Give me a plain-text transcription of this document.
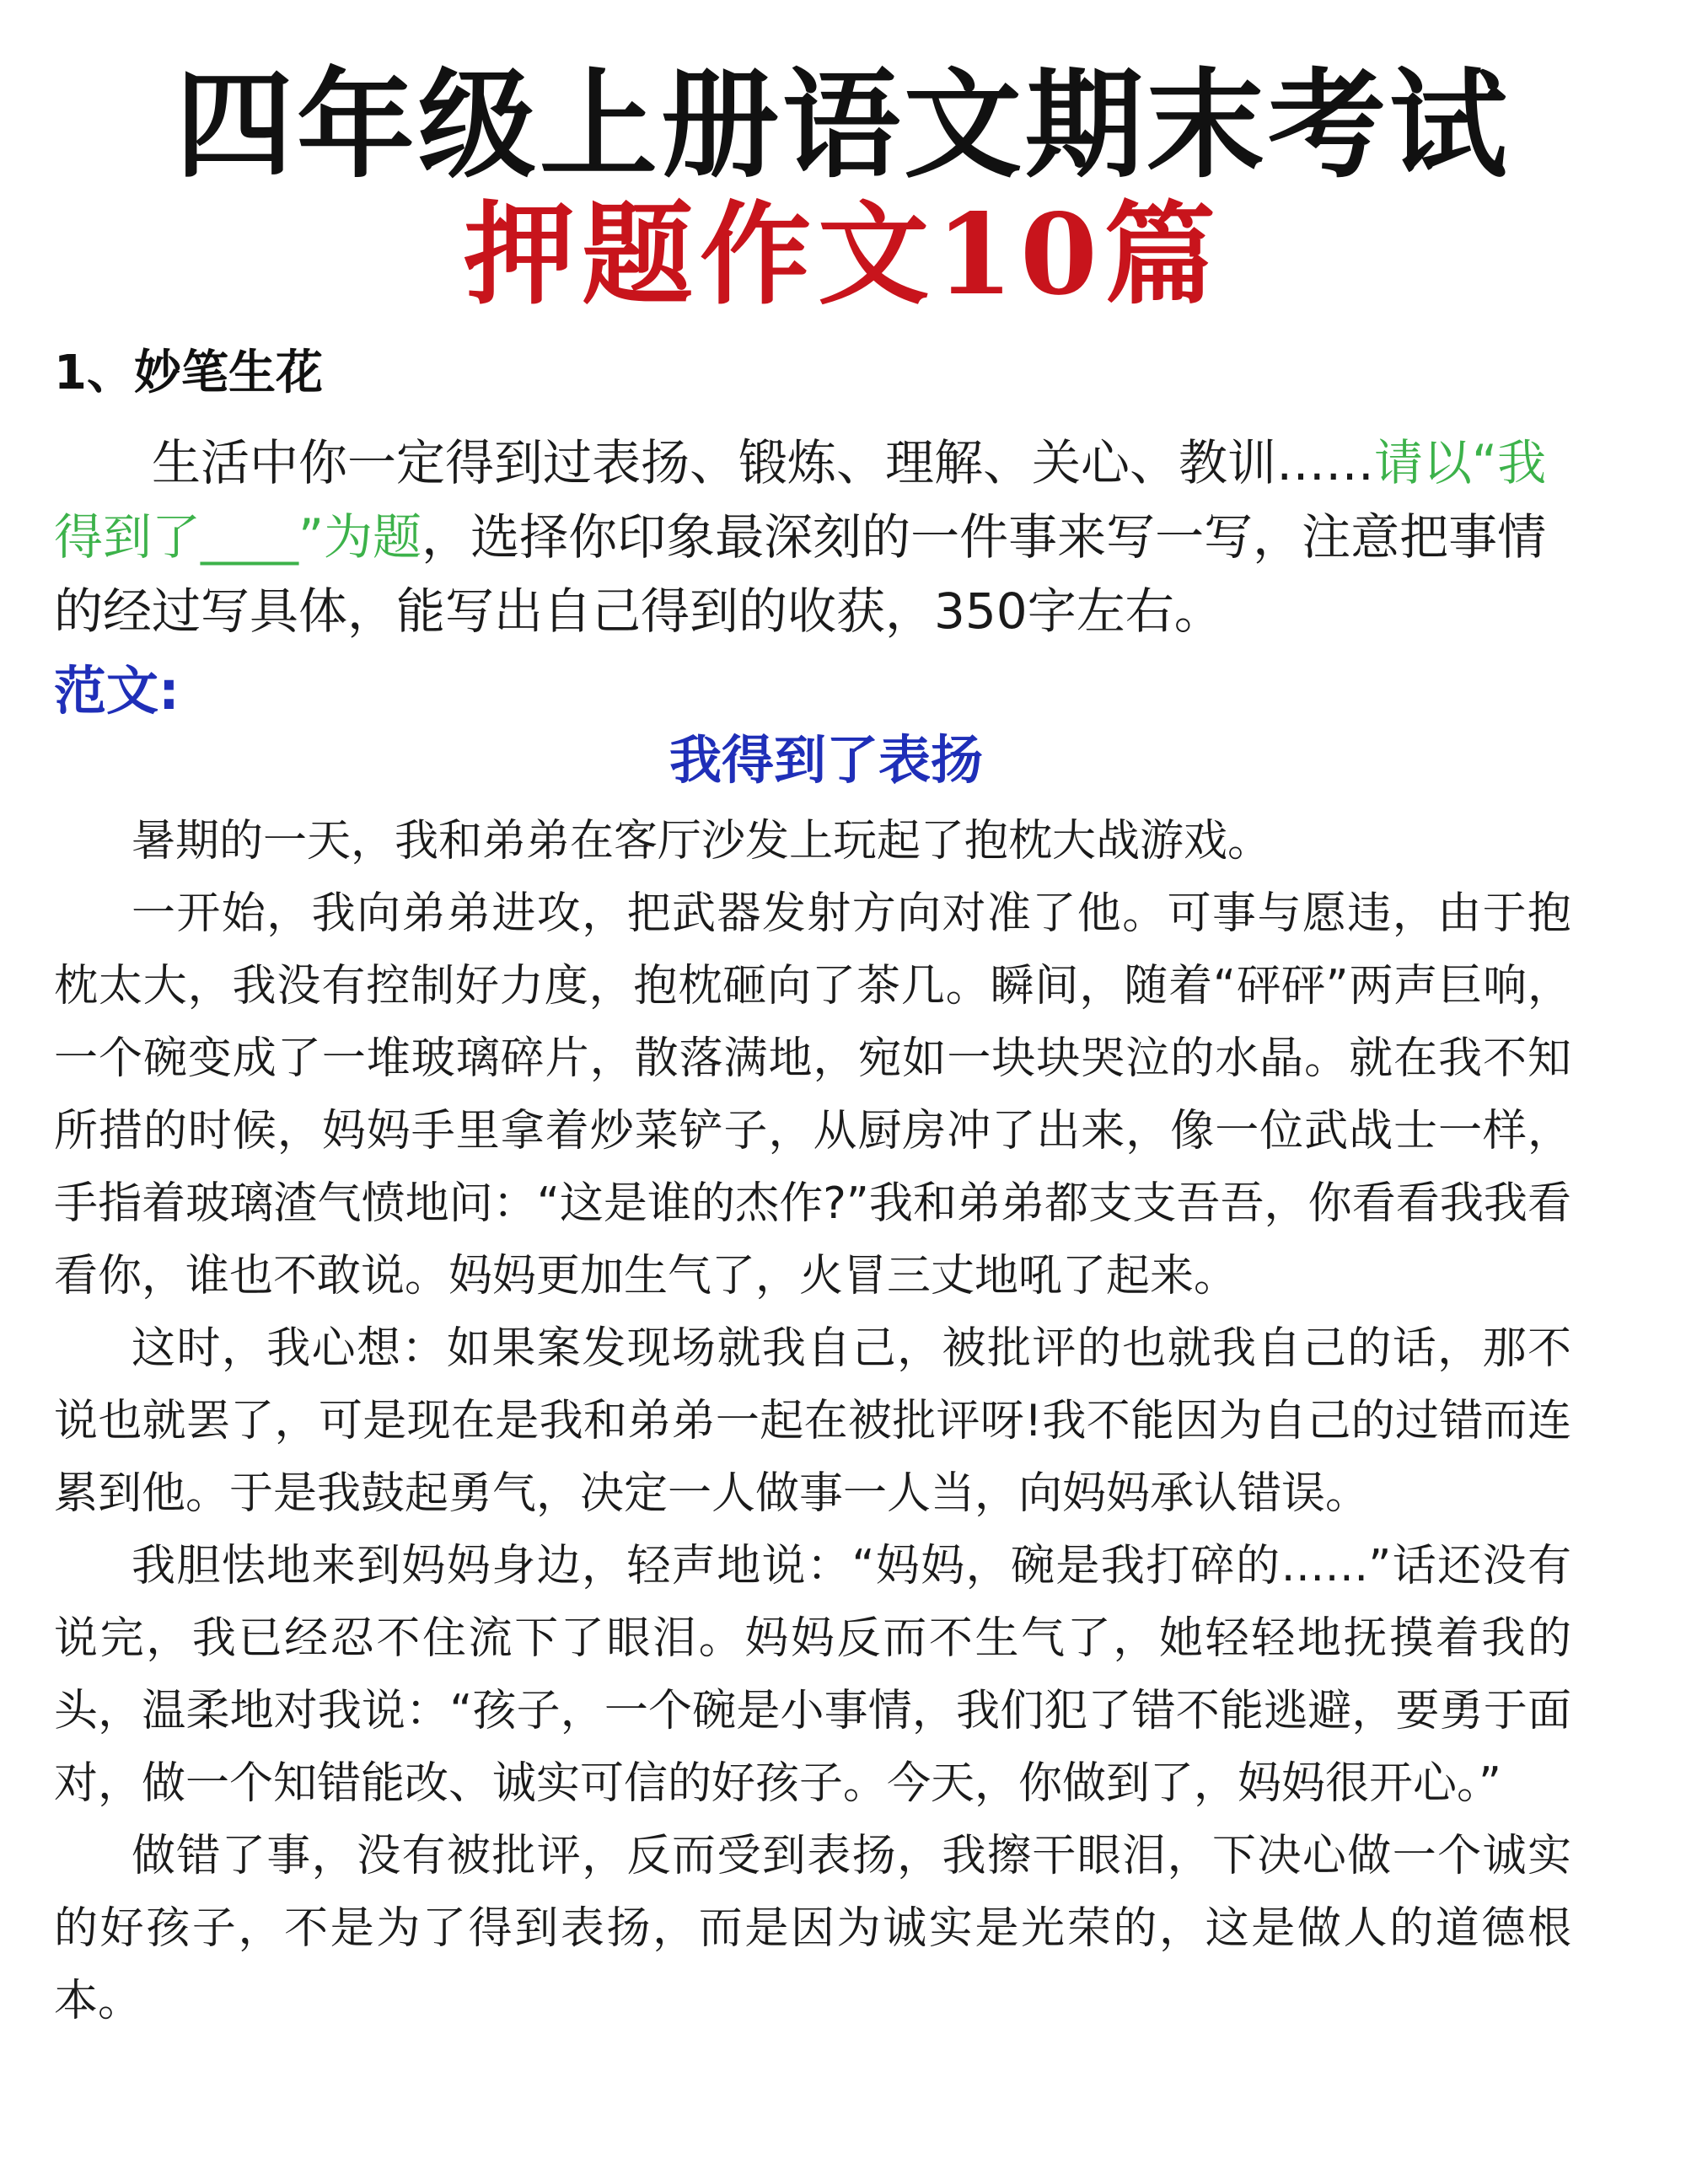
四年级上册语文期末考试
押题作文10篇
1、妙笔生花

生活中你一定得到过表扬、锻炼、理解、关心、教训……请以“我得到了____”为题，选择你印象最深刻的一件事来写一写，注意把事情的经过写具体，能写出自己得到的收获，350字左右。

范文:
我得到了表扬

暑期的一天，我和弟弟在客厅沙发上玩起了抱枕大战游戏。

一开始，我向弟弟进攻，把武器发射方向对准了他。可事与愿违，由于抱枕太大，我没有控制好力度，抱枕砸向了茶几。瞬间，随着“砰砰”两声巨响，一个碗变成了一堆玻璃碎片，散落满地，宛如一块块哭泣的水晶。就在我不知所措的时候，妈妈手里拿着炒菜铲子，从厨房冲了出来，像一位武战士一样，手指着玻璃渣气愤地问：“这是谁的杰作?”我和弟弟都支支吾吾，你看看我我看看你，谁也不敢说。妈妈更加生气了，火冒三丈地吼了起来。

这时，我心想：如果案发现场就我自己，被批评的也就我自己的话，那不说也就罢了，可是现在是我和弟弟一起在被批评呀!我不能因为自己的过错而连累到他。于是我鼓起勇气，决定一人做事一人当，向妈妈承认错误。

我胆怯地来到妈妈身边，轻声地说：“妈妈，碗是我打碎的……”话还没有说完，我已经忍不住流下了眼泪。妈妈反而不生气了，她轻轻地抚摸着我的头，温柔地对我说：“孩子，一个碗是小事情，我们犯了错不能逃避，要勇于面对，做一个知错能改、诚实可信的好孩子。今天，你做到了，妈妈很开心。”

做错了事，没有被批评，反而受到表扬，我擦干眼泪，下决心做一个诚实的好孩子，不是为了得到表扬，而是因为诚实是光荣的，这是做人的道德根本。
